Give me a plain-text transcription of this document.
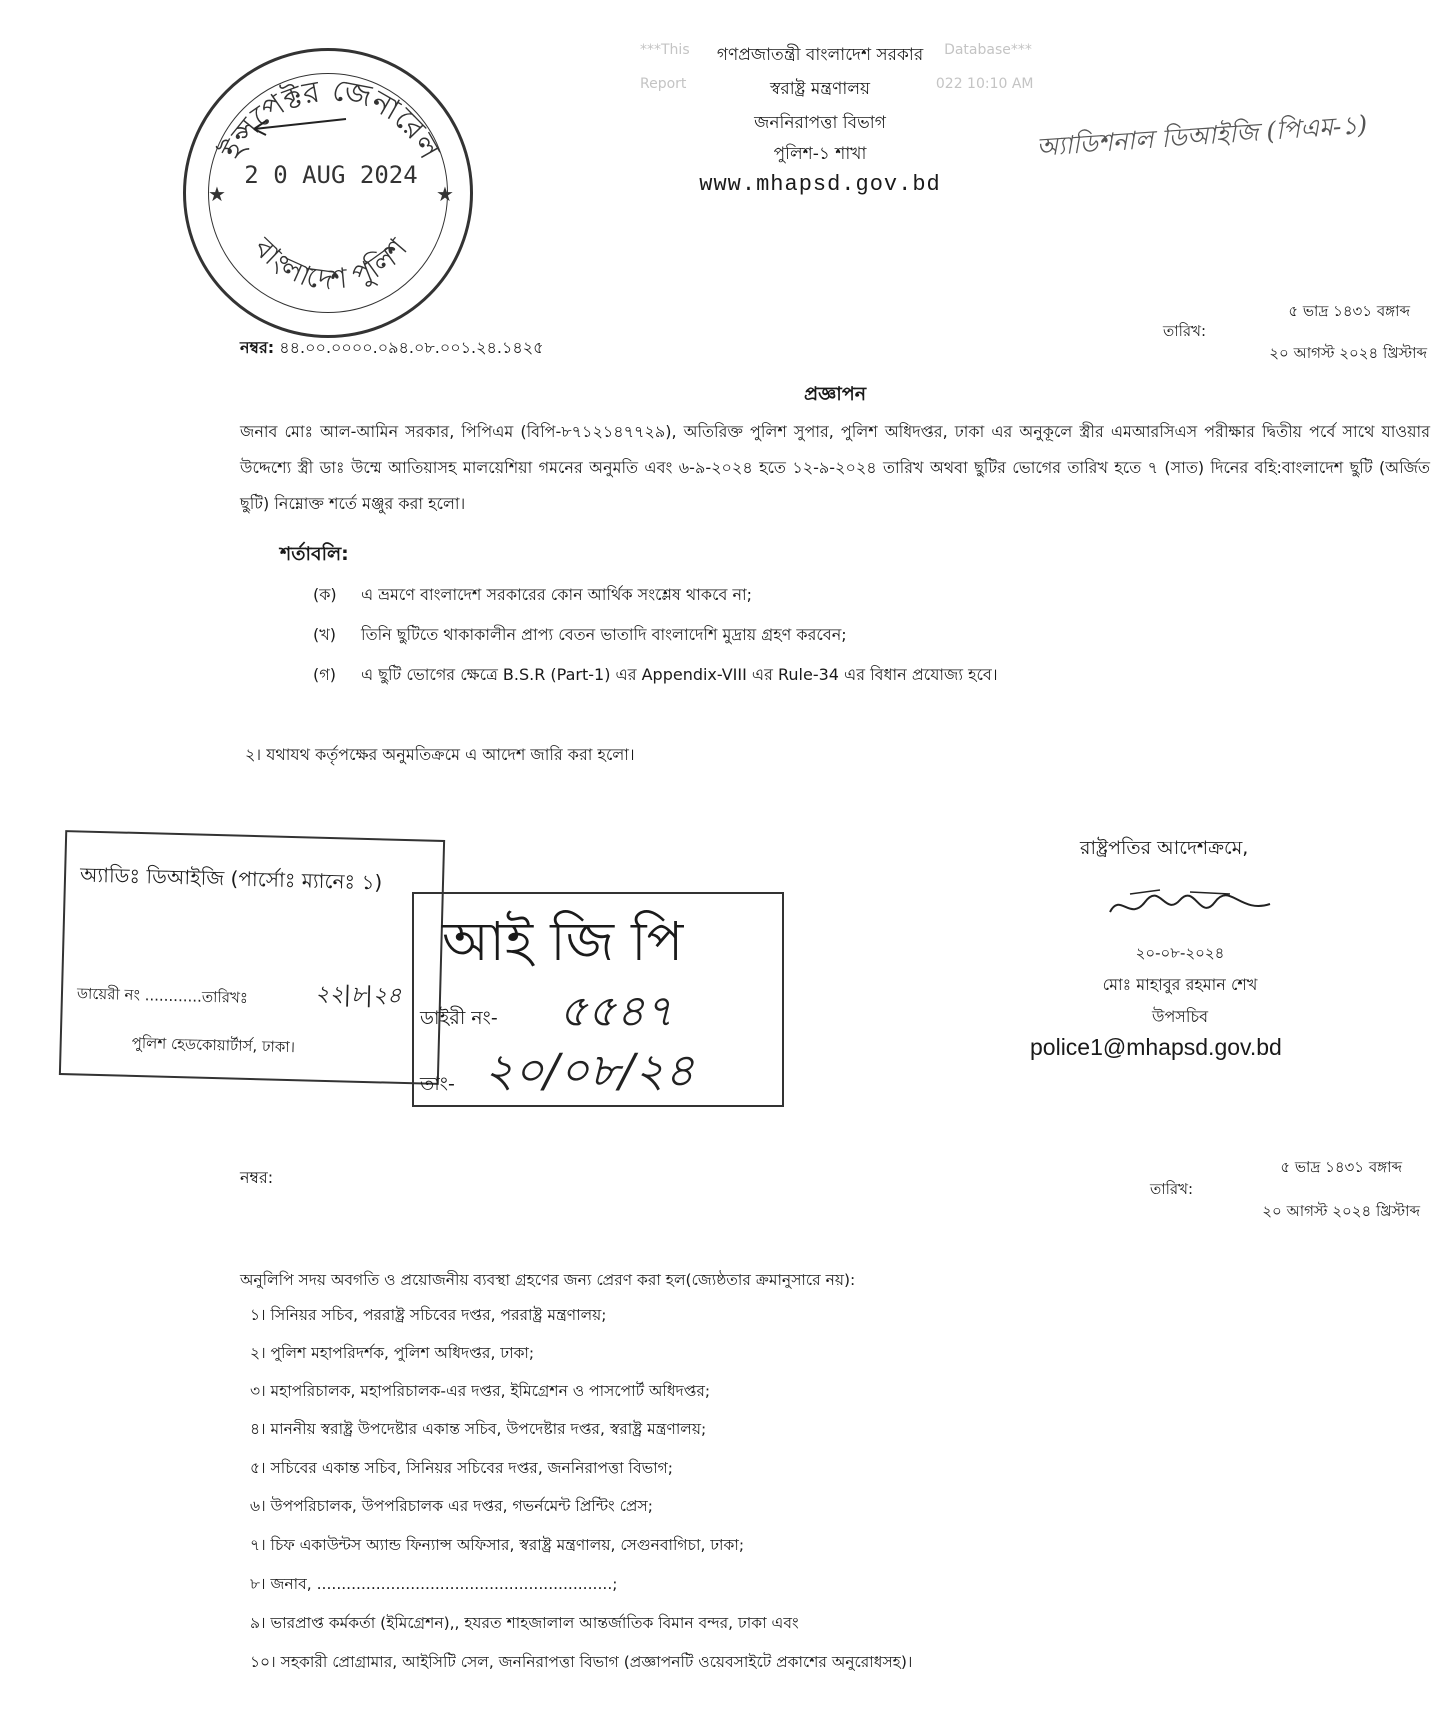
***This	Database***
Report	022 10:10 AM
ইন্সপেক্টর জেনারেল
বাংলাদেশ পুলিশ
★	★
2 0 AUG 2024
গণপ্রজাতন্ত্রী বাংলাদেশ সরকার
স্বরাষ্ট্র মন্ত্রণালয়
জননিরাপত্তা বিভাগ
পুলিশ-১ শাখা
www.mhapsd.gov.bd
অ্যাডিশনাল ডিআইজি (পিএম-১)
নম্বর: ৪৪.০০.০০০০.০৯৪.০৮.০০১.২৪.১৪২৫
৫ ভাদ্র ১৪৩১ বঙ্গাব্দ
তারিখ:
২০ আগস্ট ২০২৪ খ্রিস্টাব্দ
প্রজ্ঞাপন
জনাব মোঃ আল-আমিন সরকার, পিপিএম (বিপি-৮৭১২১৪৭৭২৯), অতিরিক্ত পুলিশ সুপার, পুলিশ অধিদপ্তর, ঢাকা এর অনুকূলে স্ত্রীর এমআরসিএস পরীক্ষার দ্বিতীয় পর্বে সাথে যাওয়ার উদ্দেশ্যে স্ত্রী ডাঃ উম্মে আতিয়াসহ মালয়েশিয়া গমনের অনুমতি এবং ৬-৯-২০২৪ হতে ১২-৯-২০২৪ তারিখ অথবা ছুটির ভোগের তারিখ হতে ৭ (সাত) দিনের বহি:বাংলাদেশ ছুটি (অর্জিত ছুটি) নিম্নোক্ত শর্তে মঞ্জুর করা হলো।
শর্তাবলি:
(ক) এ ভ্রমণে বাংলাদেশ সরকারের কোন আর্থিক সংশ্লেষ থাকবে না;
(খ) তিনি ছুটিতে থাকাকালীন প্রাপ্য বেতন ভাতাদি বাংলাদেশি মুদ্রায় গ্রহণ করবেন;
(গ) এ ছুটি ভোগের ক্ষেত্রে B.S.R (Part-1) এর Appendix-VIII এর Rule-34 এর বিধান প্রযোজ্য হবে।
২। যথাযথ কর্তৃপক্ষের অনুমতিক্রমে এ আদেশ জারি করা হলো।
অ্যাডিঃ ডিআইজি (পার্সোঃ ম্যানেঃ ১)
ডায়েরী নং ............তারিখঃ	২২|৮|২৪
পুলিশ হেডকোয়ার্টার্স, ঢাকা।
আই জি পি
ডাইরী নং- ৫৫৪৭
তাং- ২০/০৮/২৪
রাষ্ট্রপতির আদেশক্রমে,
২০-০৮-২০২৪
মোঃ মাহাবুর রহমান শেখ
উপসচিব
police1@mhapsd.gov.bd
নম্বর:
৫ ভাদ্র ১৪৩১ বঙ্গাব্দ
তারিখ:
২০ আগস্ট ২০২৪ খ্রিস্টাব্দ
অনুলিপি সদয় অবগতি ও প্রয়োজনীয় ব্যবস্থা গ্রহণের জন্য প্রেরণ করা হল(জ্যেষ্ঠতার ক্রমানুসারে নয়):
১। সিনিয়র সচিব, পররাষ্ট্র সচিবের দপ্তর, পররাষ্ট্র মন্ত্রণালয়;
২। পুলিশ মহাপরিদর্শক, পুলিশ অধিদপ্তর, ঢাকা;
৩। মহাপরিচালক, মহাপরিচালক-এর দপ্তর, ইমিগ্রেশন ও পাসপোর্ট অধিদপ্তর;
৪। মাননীয় স্বরাষ্ট্র উপদেষ্টার একান্ত সচিব, উপদেষ্টার দপ্তর, স্বরাষ্ট্র মন্ত্রণালয়;
৫। সচিবের একান্ত সচিব, সিনিয়র সচিবের দপ্তর, জননিরাপত্তা বিভাগ;
৬। উপপরিচালক, উপপরিচালক এর দপ্তর, গভর্নমেন্ট প্রিন্টিং প্রেস;
৭। চিফ একাউন্টস অ্যান্ড ফিন্যান্স অফিসার, স্বরাষ্ট্র মন্ত্রণালয়, সেগুনবাগিচা, ঢাকা;
৮। জনাব, ............................................................;
৯। ভারপ্রাপ্ত কর্মকর্তা (ইমিগ্রেশন),, হযরত শাহজালাল আন্তর্জাতিক বিমান বন্দর, ঢাকা এবং
১০। সহকারী প্রোগ্রামার, আইসিটি সেল, জননিরাপত্তা বিভাগ (প্রজ্ঞাপনটি ওয়েবসাইটে প্রকাশের অনুরোধসহ)।
